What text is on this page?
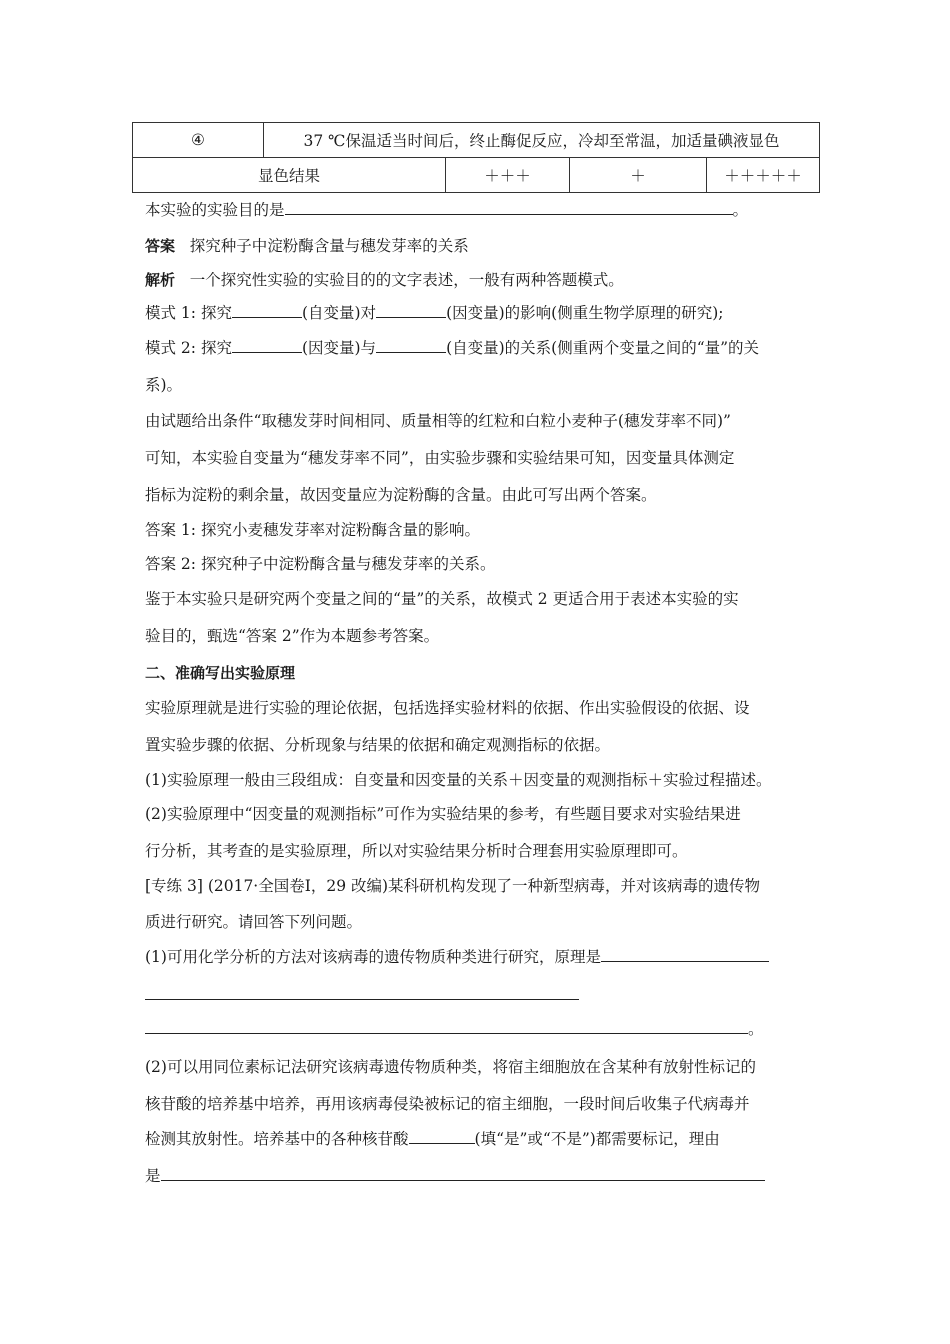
④	37 ℃保温适当时间后，终止酶促反应，冷却至常温，加适量碘液显色			
显色结果		＋＋＋	＋	＋＋＋＋＋
本实验的实验目的是	。
答案 探究种子中淀粉酶含量与穗发芽率的关系
解析 一个探究性实验的实验目的的文字表述，一般有两种答题模式。
模式 1: 探究	(自变量)对	(因变量)的影响(侧重生物学原理的研究);
模式 2: 探究	(因变量)与	(自变量)的关系(侧重两个变量之间的“量”的关
系)。
由试题给出条件“取穗发芽时间相同、质量相等的红粒和白粒小麦种子(穗发芽率不同)”
可知，本实验自变量为“穗发芽率不同”，由实验步骤和实验结果可知，因变量具体测定
指标为淀粉的剩余量，故因变量应为淀粉酶的含量。由此可写出两个答案。
答案 1: 探究小麦穗发芽率对淀粉酶含量的影响。
答案 2: 探究种子中淀粉酶含量与穗发芽率的关系。
鉴于本实验只是研究两个变量之间的“量”的关系，故模式 2 更适合用于表述本实验的实
验目的，甄选“答案 2”作为本题参考答案。
二、准确写出实验原理
实验原理就是进行实验的理论依据，包括选择实验材料的依据、作出实验假设的依据、设
置实验步骤的依据、分析现象与结果的依据和确定观测指标的依据。
(1)实验原理一般由三段组成：自变量和因变量的关系＋因变量的观测指标＋实验过程描述。
(2)实验原理中“因变量的观测指标”可作为实验结果的参考，有些题目要求对实验结果进
行分析，其考查的是实验原理，所以对实验结果分析时合理套用实验原理即可。
[专练 3] (2017·全国卷Ⅰ，29 改编)某科研机构发现了一种新型病毒，并对该病毒的遗传物
质进行研究。请回答下列问题。
(1)可用化学分析的方法对该病毒的遗传物质种类进行研究，原理是
。
(2)可以用同位素标记法研究该病毒遗传物质种类，将宿主细胞放在含某种有放射性标记的
核苷酸的培养基中培养，再用该病毒侵染被标记的宿主细胞，一段时间后收集子代病毒并
检测其放射性。培养基中的各种核苷酸	(填“是”或“不是”)都需要标记，理由
是
